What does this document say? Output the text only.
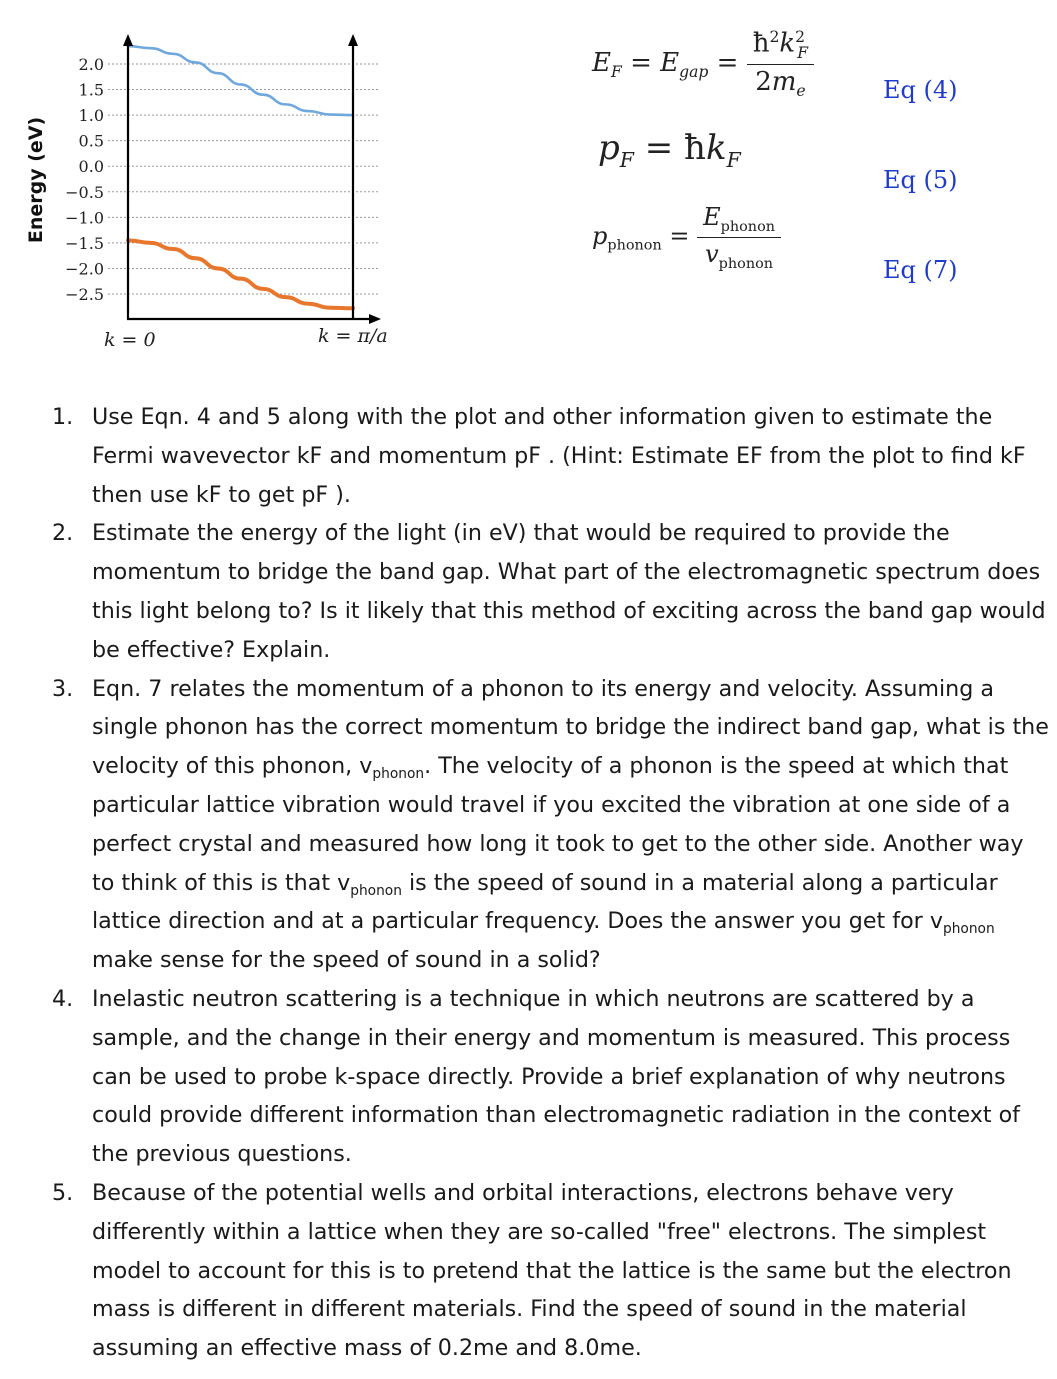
2.0
1.5
1.0
0.5
0.0
−0.5
−1.0
−1.5
−2.0
−2.5
k = 0	k = π/a
Energy (eV)
$E_F = E_{gap} = \frac{ħ^2k^2_F}{2m_e}$	Eq (4)
$p_F$ = $ħk_F$
Eq (5)
$p_{phonon} = \frac{E_{phonon}}{v_{phonon}}$	Eq (7)
1. Use Eqn. 4 and 5 along with the plot and other information given to estimate the Fermi wavevector kF and momentum pF . (Hint: Estimate EF from the plot to find kF then use kF to get pF ).
2. Estimate the energy of the light (in eV) that would be required to provide the momentum to bridge the band gap. What part of the electromagnetic spectrum does this light belong to? Is it likely that this method of exciting across the band gap would be effective? Explain.
3. Eqn. 7 relates the momentum of a phonon to its energy and velocity. Assuming a single phonon has the correct momentum to bridge the indirect band gap, what is the velocity of this phonon, $v_{phonon}$. The velocity of a phonon is the speed at which that particular lattice vibration would travel if you excited the vibration at one side of a perfect crystal and measured how long it took to get to the other side. Another way to think of this is that $v_{phonon}$ is the speed of sound in a material along a particular lattice direction and at a particular frequency. Does the answer you get for $v_{phonon}$ make sense for the speed of sound in a solid?
4. Inelastic neutron scattering is a technique in which neutrons are scattered by a sample, and the change in their energy and momentum is measured. This process can be used to probe k-space directly. Provide a brief explanation of why neutrons could provide different information than electromagnetic radiation in the context of the previous questions.
5. Because of the potential wells and orbital interactions, electrons behave very differently within a lattice when they are so-called "free" electrons. The simplest model to account for this is to pretend that the lattice is the same but the electron mass is different in different materials. Find the speed of sound in the material assuming an effective mass of 0.2me and 8.0me.
